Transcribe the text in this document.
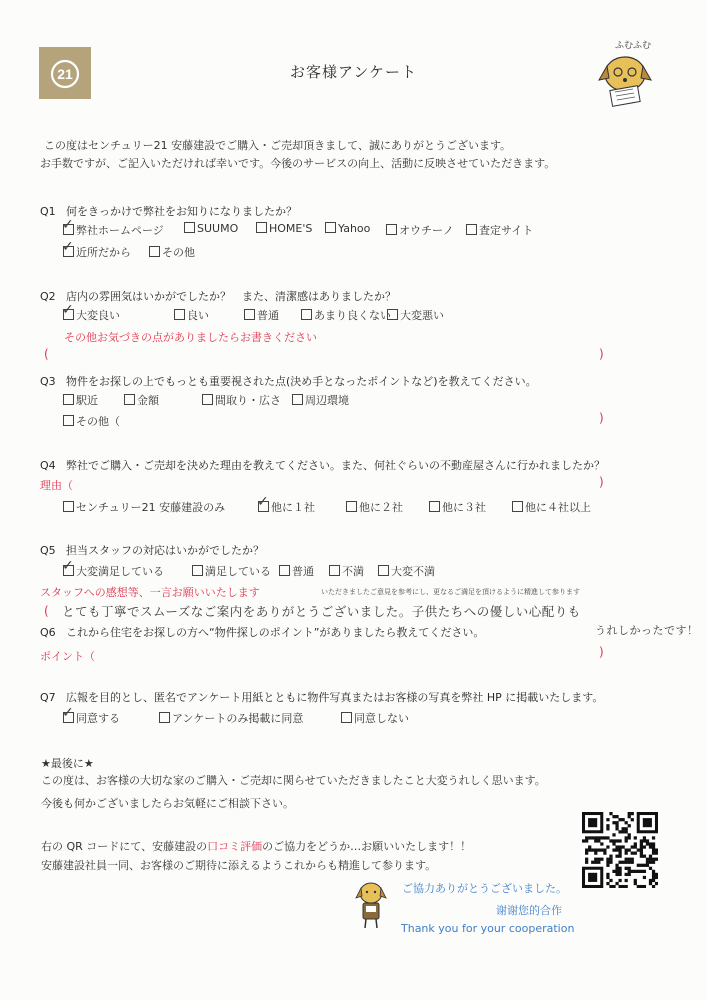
21	お客様アンケート
ふむふむ
この度はセンチュリー21 安藤建設でご購入・ご売却頂きまして、誠にありがとうございます。
お手数ですが、ご記入いただければ幸いです。今後のサービスの向上、活動に反映させていただきます。
Q1 何をきっかけで弊社をお知りになりましたか？
✓ 弊社ホームページ	SUUMO	HOME'S	Yahoo	オウチーノ	査定サイト
✓ 近所だから	その他
Q2 店内の雰囲気はいかがでしたか？　また、清潔感はありましたか？
✓ 大変良い	良い	普通	あまり良くない 大変悪い
その他お気づきの点がありましたらお書きください
(	)
Q3 物件をお探しの上でもっとも重要視された点(決め手となったポイントなど)を教えてください。
駅近	金額	間取り・広さ	周辺環境
その他（	)
Q4 弊社でご購入・ご売却を決めた理由を教えてください。また、何社ぐらいの不動産屋さんに行かれましたか？
理由（	)
センチュリー21 安藤建設のみ ✓ 他に１社	他に２社	他に３社	他に４社以上
Q5 担当スタッフの対応はいかがでしたか？
✓ 大変満足している	満足している	普通	不満	大変不満
スタッフへの感想等、一言お願いいたします	いただきましたご意見を参考にし、更なるご満足を頂けるように精進して参ります
( とても丁寧でスムーズなご案内をありがとうございました。子供たちへの優しい心配りも
うれしかったです！
Q6 これから住宅をお探しの方へ“物件探しのポイント”がありましたら教えてください。
ポイント（	)
Q7 広報を目的とし、匿名でアンケート用紙とともに物件写真またはお客様の写真を弊社 HP に掲載いたします。
✓ 同意する	アンケートのみ掲載に同意	同意しない
★最後に★
この度は、お客様の大切な家のご購入・ご売却に関らせていただきましたこと大変うれしく思います。
今後も何かございましたらお気軽にご相談下さい。
右の QR コードにて、安藤建設の口コミ評価のご協力をどうか…お願いいたします！！
安藤建設社員一同、お客様のご期待に添えるようこれからも精進して参ります。
ご協力ありがとうございました。
谢谢您的合作
Thank you for your cooperation
